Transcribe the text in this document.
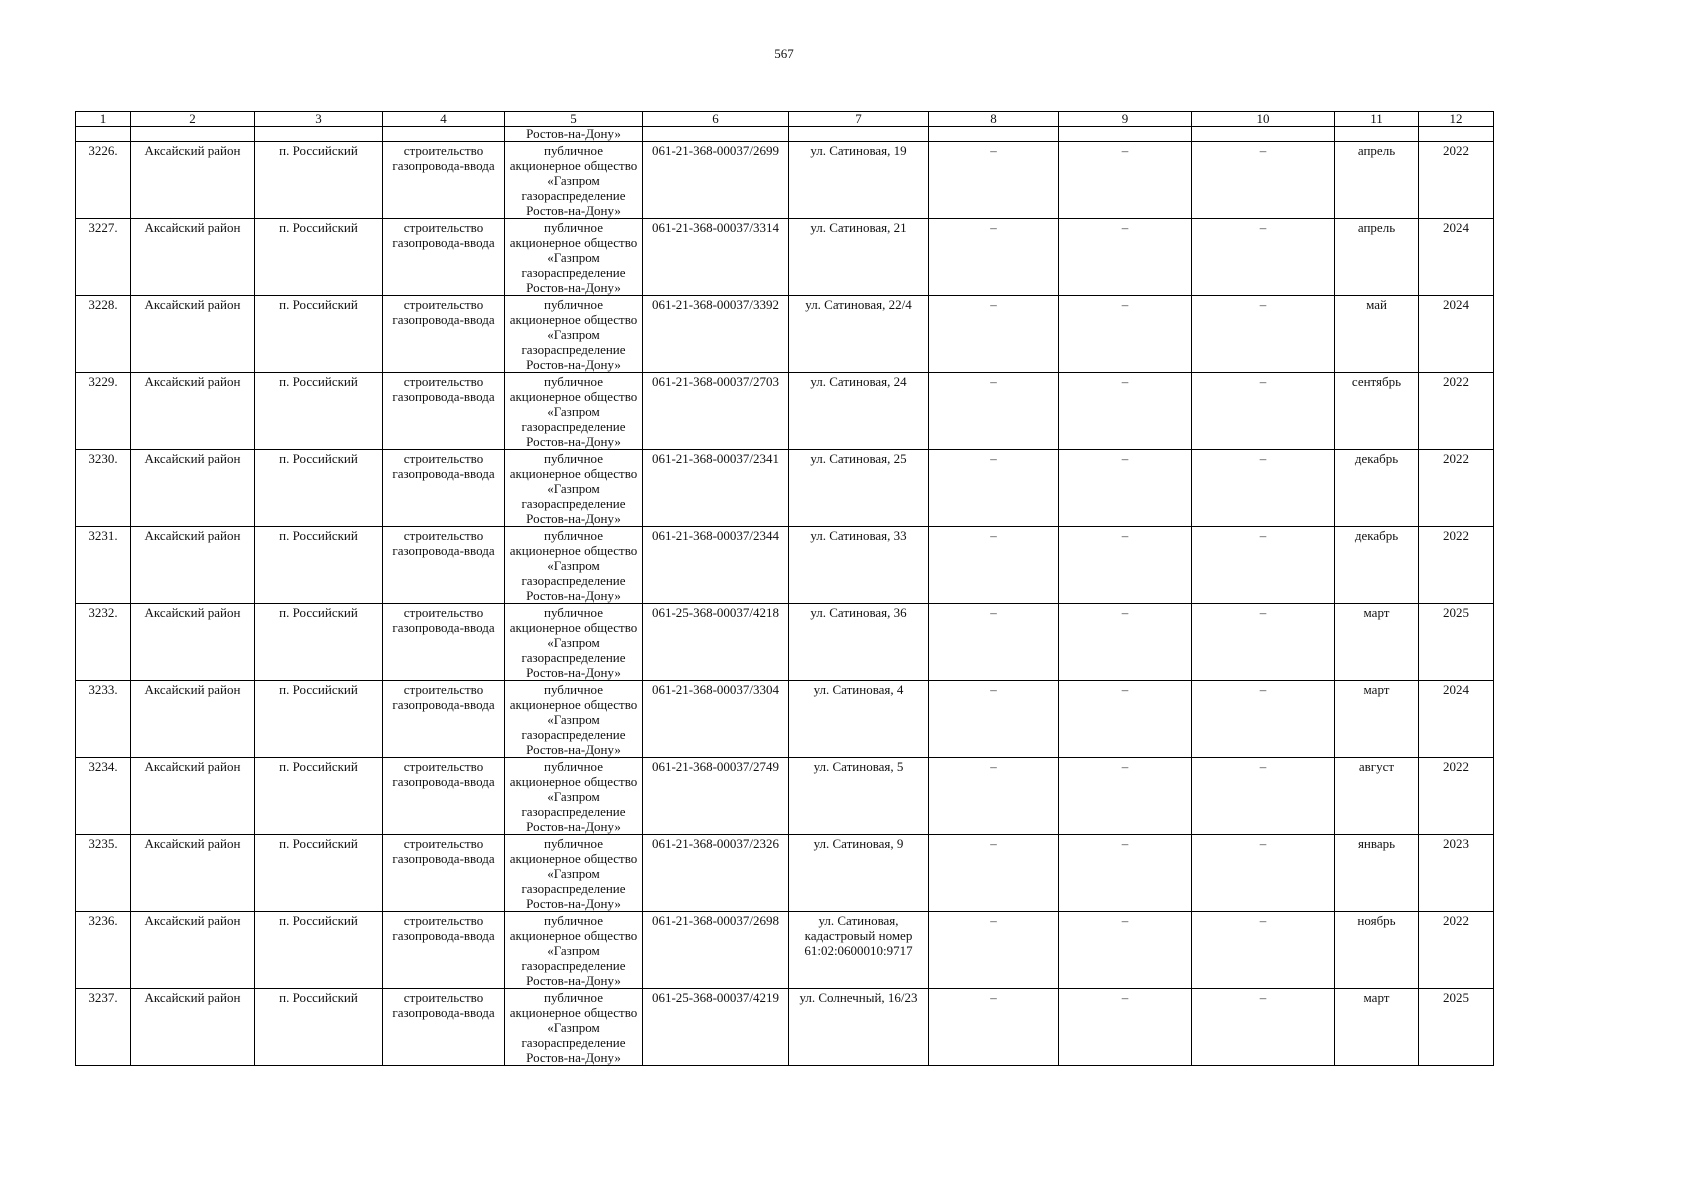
567
1	2	3	4	5	6	7	8	9	10	11	12
				Ростов-на-Дону»							
3226.	Аксайский район	п. Российский	строительство газопровода-ввода	публичное акционерное общество «Газпром газораспределение Ростов-на-Дону»	061-21-368-00037/2699	ул. Сатиновая, 19	–	–	–	апрель	2022
3227.	Аксайский район	п. Российский	строительство газопровода-ввода	публичное акционерное общество «Газпром газораспределение Ростов-на-Дону»	061-21-368-00037/3314	ул. Сатиновая, 21	–	–	–	апрель	2024
3228.	Аксайский район	п. Российский	строительство газопровода-ввода	публичное акционерное общество «Газпром газораспределение Ростов-на-Дону»	061-21-368-00037/3392	ул. Сатиновая, 22/4	–	–	–	май	2024
3229.	Аксайский район	п. Российский	строительство газопровода-ввода	публичное акционерное общество «Газпром газораспределение Ростов-на-Дону»	061-21-368-00037/2703	ул. Сатиновая, 24	–	–	–	сентябрь	2022
3230.	Аксайский район	п. Российский	строительство газопровода-ввода	публичное акционерное общество «Газпром газораспределение Ростов-на-Дону»	061-21-368-00037/2341	ул. Сатиновая, 25	–	–	–	декабрь	2022
3231.	Аксайский район	п. Российский	строительство газопровода-ввода	публичное акционерное общество «Газпром газораспределение Ростов-на-Дону»	061-21-368-00037/2344	ул. Сатиновая, 33	–	–	–	декабрь	2022
3232.	Аксайский район	п. Российский	строительство газопровода-ввода	публичное акционерное общество «Газпром газораспределение Ростов-на-Дону»	061-25-368-00037/4218	ул. Сатиновая, 36	–	–	–	март	2025
3233.	Аксайский район	п. Российский	строительство газопровода-ввода	публичное акционерное общество «Газпром газораспределение Ростов-на-Дону»	061-21-368-00037/3304	ул. Сатиновая, 4	–	–	–	март	2024
3234.	Аксайский район	п. Российский	строительство газопровода-ввода	публичное акционерное общество «Газпром газораспределение Ростов-на-Дону»	061-21-368-00037/2749	ул. Сатиновая, 5	–	–	–	август	2022
3235.	Аксайский район	п. Российский	строительство газопровода-ввода	публичное акционерное общество «Газпром газораспределение Ростов-на-Дону»	061-21-368-00037/2326	ул. Сатиновая, 9	–	–	–	январь	2023
3236.	Аксайский район	п. Российский	строительство газопровода-ввода	публичное акционерное общество «Газпром газораспределение Ростов-на-Дону»	061-21-368-00037/2698	ул. Сатиновая, кадастровый номер 61:02:0600010:9717	–	–	–	ноябрь	2022
3237.	Аксайский район	п. Российский	строительство газопровода-ввода	публичное акционерное общество «Газпром газораспределение Ростов-на-Дону»	061-25-368-00037/4219	ул. Солнечный, 16/23	–	–	–	март	2025
